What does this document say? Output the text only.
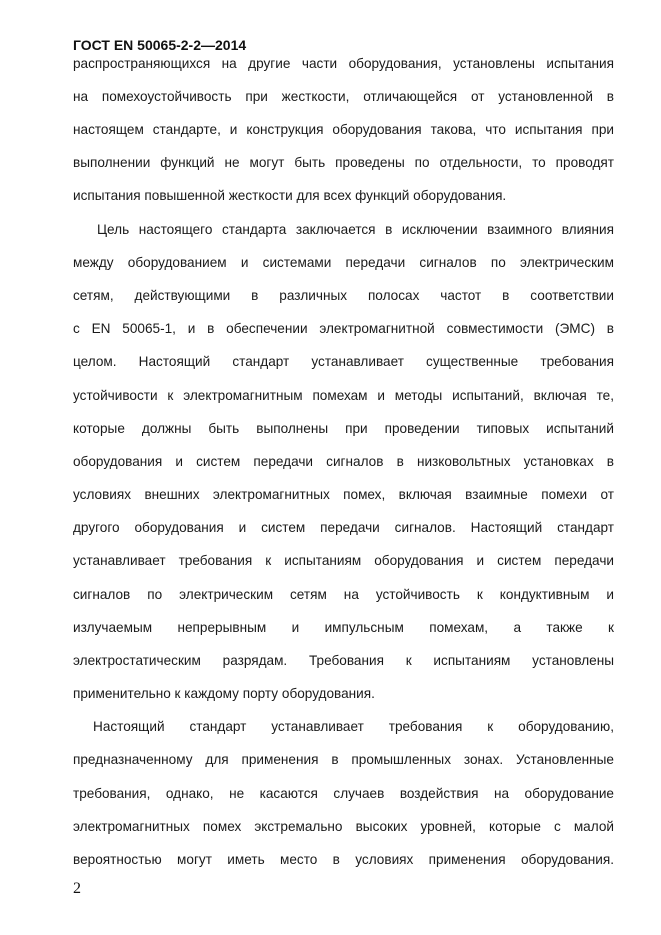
ГОСТ EN 50065-2-2—2014
распространяющихся на другие части оборудования, установлены испытания
на помехоустойчивость при жесткости, отличающейся от установленной в
настоящем стандарте, и конструкция оборудования такова, что испытания при
выполнении функций не могут быть проведены по отдельности, то проводят
испытания повышенной жесткости для всех функций оборудования.
Цель настоящего стандарта заключается в исключении взаимного влияния
между оборудованием и системами передачи сигналов по электрическим
сетям, действующими в различных полосах частот в соответствии
с EN 50065-1, и в обеспечении электромагнитной совместимости (ЭМС) в
целом. Настоящий стандарт устанавливает существенные требования
устойчивости к электромагнитным помехам и методы испытаний, включая те,
которые должны быть выполнены при проведении типовых испытаний
оборудования и систем передачи сигналов в низковольтных установках в
условиях внешних электромагнитных помех, включая взаимные помехи от
другого оборудования и систем передачи сигналов. Настоящий стандарт
устанавливает требования к испытаниям оборудования и систем передачи
сигналов по электрическим сетям на устойчивость к кондуктивным и
излучаемым непрерывным и импульсным помехам, а также к
электростатическим разрядам. Требования к испытаниям установлены
применительно к каждому порту оборудования.
Настоящий стандарт устанавливает требования к оборудованию,
предназначенному для применения в промышленных зонах. Установленные
требования, однако, не касаются случаев воздействия на оборудование
электромагнитных помех экстремально высоких уровней, которые с малой
вероятностью могут иметь место в условиях применения оборудования.
2
